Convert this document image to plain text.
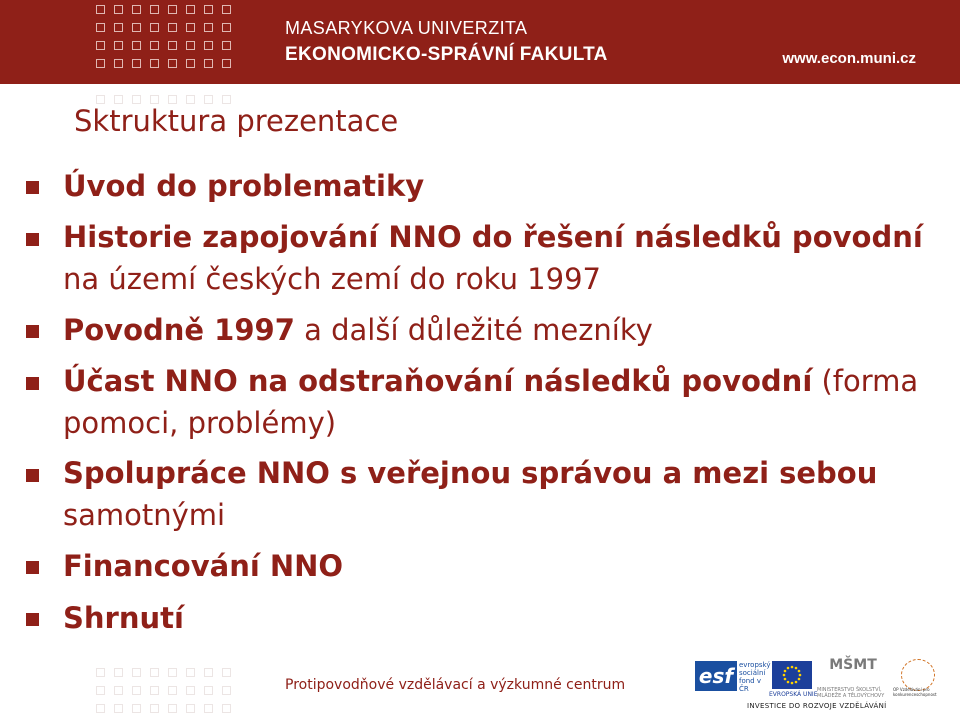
MASARYKOVA UNIVERZITA
EKONOMICKO-SPRÁVNÍ FAKULTA	www.econ.muni.cz
Sktruktura prezentace
Úvod do problematiky
Historie zapojování NNO do řešení následků povodní na území českých zemí do roku 1997
Povodně 1997 a další důležité mezníky
Účast NNO na odstraňování následků povodní (forma pomoci, problémy)
Spolupráce NNO s veřejnou správou a mezi sebou samotnými
Financování NNO
Shrnutí
Protipovodňové vzdělávací a výzkumné centrum	esf evropský sociální fond v ČR
EVROPSKÁ UNIE
MŠMT
MINISTERSTVO ŠKOLSTVÍ, MLÁDEŽE A TĚLOVÝCHOVY
OP Vzdělávání pro konkurenceschopnost
INVESTICE DO ROZVOJE VZDĚLÁVÁNÍ
